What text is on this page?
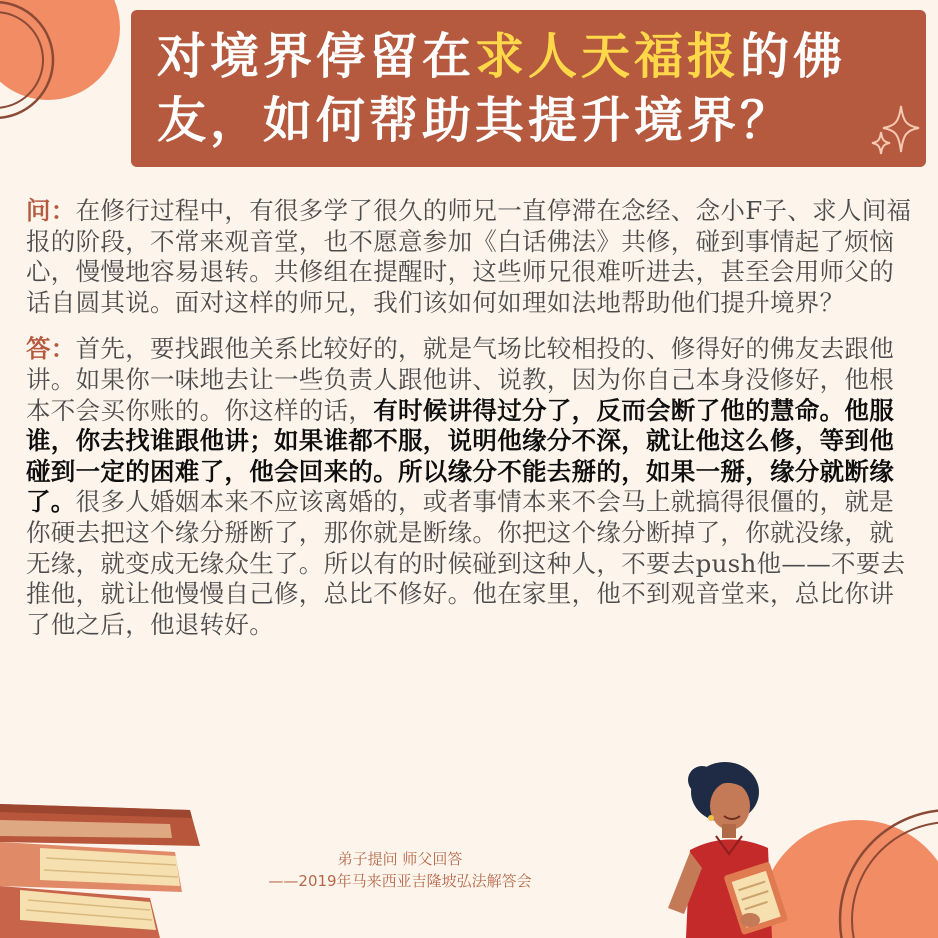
对境界停留在求人天福报的佛友，如何帮助其提升境界？

问：在修行过程中，有很多学了很久的师兄一直停滞在念经、念小F子、求人间福报的阶段，不常来观音堂，也不愿意参加《白话佛法》共修，碰到事情起了烦恼心，慢慢地容易退转。共修组在提醒时，这些师兄很难听进去，甚至会用师父的话自圆其说。面对这样的师兄，我们该如何如理如法地帮助他们提升境界？

答：首先，要找跟他关系比较好的，就是气场比较相投的、修得好的佛友去跟他讲。如果你一味地去让一些负责人跟他讲、说教，因为你自己本身没修好，他根本不会买你账的。你这样的话，有时候讲得过分了，反而会断了他的慧命。他服谁，你去找谁跟他讲；如果谁都不服，说明他缘分不深，就让他这么修，等到他碰到一定的困难了，他会回来的。所以缘分不能去掰的，如果一掰，缘分就断缘了。很多人婚姻本来不应该离婚的，或者事情本来不会马上就搞得很僵的，就是你硬去把这个缘分掰断了，那你就是断缘。你把这个缘分断掉了，你就没缘，就无缘，就变成无缘众生了。所以有的时候碰到这种人，不要去push他——不要去推他，就让他慢慢自己修，总比不修好。他在家里，他不到观音堂来，总比你讲了他之后，他退转好。

弟子提问 师父回答
——2019年马来西亚吉隆坡弘法解答会
